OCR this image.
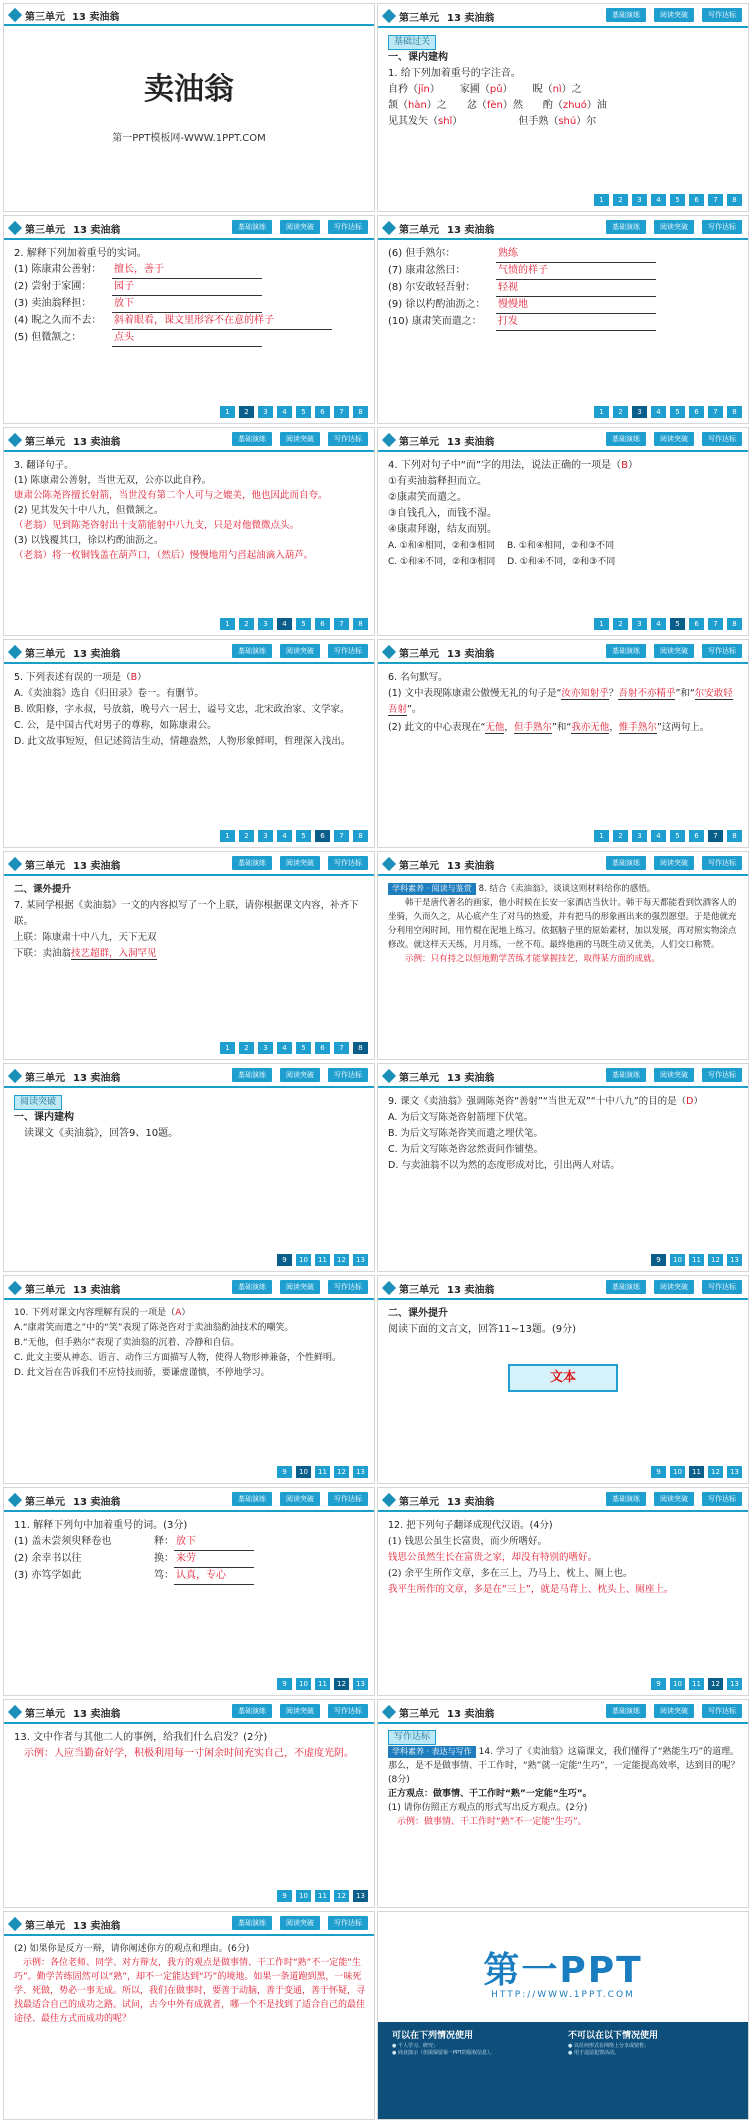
第三单元 13 卖油翁
卖油翁
第一PPT模板网-WWW.1PPT.COM
第三单元 13 卖油翁	基础演练	阅读突破	写作达标
基础过关
一、课内建构
1. 给下列加着重号的字注音。
自矜（jīn） 家圃（pǔ） 睨（nì）之
颔（hàn）之 忿（fèn）然 酌（zhuó）油
见其发矢（shǐ）	但手熟（shú）尔
1	2	3	4	5	6	7	8
第三单元 13 卖油翁	基础演练	阅读突破	写作达标
2. 解释下列加着重号的实词。
(1) 陈康肃公善射： 擅长，善于
(2) 尝射于家圃： 园子
(3) 卖油翁释担： 放下
(4) 睨之久而不去： 斜着眼看，课文里形容不在意的样子
(5) 但微颔之：	点头
1	2	3	4	5	6	7	8
第三单元 13 卖油翁	基础演练	阅读突破	写作达标
(6) 但手熟尔：	熟练
(7) 康肃忿然曰：	气愤的样子
(8) 尔安敢轻吾射： 轻视
(9) 徐以杓酌油沥之： 慢慢地
(10) 康肃笑而遣之： 打发
1	2	3	4	5	6	7	8
第三单元 13 卖油翁	基础演练	阅读突破	写作达标
3. 翻译句子。
(1) 陈康肃公善射，当世无双，公亦以此自矜。
康肃公陈尧咨擅长射箭，当世没有第二个人可与之媲美，他也因此而自夸。
(2) 见其发矢十中八九，但微颔之。
（老翁）见到陈尧咨射出十支箭能射中八九支，只是对他微微点头。
(3) 以钱覆其口，徐以杓酌油沥之。
（老翁）将一枚铜钱盖在葫芦口，（然后）慢慢地用勺舀起油滴入葫芦。
1	2	3	4	5	6	7	8
第三单元 13 卖油翁	基础演练	阅读突破	写作达标
4. 下列对句子中“而”字的用法，说法正确的一项是（B）
①有卖油翁释担而立。
②康肃笑而遣之。
③自钱孔入，而钱不湿。
④康肃拜谢，结友而别。
A. ①和④相同，②和③相同 B. ①和④相同，②和③不同
C. ①和④不同，②和③相同 D. ①和④不同，②和③不同
1	2	3	4	5	6	7	8
第三单元 13 卖油翁	基础演练	阅读突破	写作达标
5. 下列表述有误的一项是（B）
A.《卖油翁》选自《归田录》卷一。有删节。
B. 欧阳修，字永叔，号放翁，晚号六一居士，谥号文忠，北宋政治家、文学家。
C. 公，是中国古代对男子的尊称，如陈康肃公。
D. 此文故事短短，但记述简洁生动，情趣盎然，人物形象鲜明，哲理深入浅出。
1	2	3	4	5	6	7	8
第三单元 13 卖油翁	基础演练	阅读突破	写作达标
6. 名句默写。
(1) 文中表现陈康肃公傲慢无礼的句子是“汝亦知射乎？吾射不亦精乎”和“尔安敢轻吾射”。
(2) 此文的中心表现在“无他，但手熟尔”和“我亦无他，惟手熟尔”这两句上。
1	2	3	4	5	6	7	8
第三单元 13 卖油翁	基础演练	阅读突破	写作达标
二、课外提升
7. 某同学根据《卖油翁》一文的内容拟写了一个上联，请你根据课文内容，补齐下联。
上联：陈康肃十中八九，天下无双
下联：卖油翁技艺超群，入洞罕见
1	2	3	4	5	6	7	8
第三单元 13 卖油翁	基础演练	阅读突破	写作达标
学科素养 · 阅读与鉴赏 8. 结合《卖油翁》，谈谈这则材料给你的感悟。
韩干是唐代著名的画家，他小时候在长安一家酒店当伙计。韩干每天都能看到饮酒客人的坐骑，久而久之，从心底产生了对马的热爱，并有把马的形象画出来的强烈愿望。于是他就充分利用空闲时间，用竹棍在泥地上练习。依据脑子里的原始素材，加以发展，再对照实物涂点修改。就这样天天练，月月练，一丝不苟。最终他画的马既生动又优美，人们交口称赞。
示例：只有持之以恒地勤学苦练才能掌握技艺，取得某方面的成就。
第三单元 13 卖油翁	基础演练	阅读突破	写作达标
阅读突破
一、课内建构
读课文《卖油翁》，回答9、10题。
9	10	11	12	13
第三单元 13 卖油翁	基础演练	阅读突破	写作达标
9. 课文《卖油翁》强调陈尧咨“善射”“当世无双”“十中八九”的目的是（D）
A. 为后文写陈尧咨射箭埋下伏笔。
B. 为后文写陈尧咨笑而遣之埋伏笔。
C. 为后文写陈尧咨忿然责问作铺垫。
D. 与卖油翁不以为然的态度形成对比，引出两人对话。
9	10	11	12	13
第三单元 13 卖油翁	基础演练	阅读突破	写作达标
10. 下列对课文内容理解有误的一项是（A）
A.“康肃笑而遣之”中的“笑”表现了陈尧咨对于卖油翁酌油技术的嘲笑。
B.“无他，但手熟尔”表现了卖油翁的沉着、冷静和自信。
C. 此文主要从神态、语言、动作三方面描写人物，使得人物形神兼备，个性鲜明。
D. 此文旨在告诉我们不应恃技而骄，要谦虚谨慎，不停地学习。
9	10	11	12	13
第三单元 13 卖油翁	基础演练	阅读突破	写作达标
二、课外提升
阅读下面的文言文，回答11~13题。(9分)
文本
9	10	11	12	13
第三单元 13 卖油翁	基础演练	阅读突破	写作达标
11. 解释下列句中加着重号的词。(3分)
(1) 盖未尝须臾释卷也	释： 放下
(2) 余幸书以往	换： 来劳
(3) 亦笃学如此	笃： 认真，专心
9	10	11	12	13
第三单元 13 卖油翁	基础演练	阅读突破	写作达标
12. 把下列句子翻译成现代汉语。(4分)
(1) 钱思公虽生长富贵，而少所嗜好。
钱思公虽然生长在富贵之家，却没有特别的嗜好。
(2) 余平生所作文章，多在三上，乃马上、枕上、厕上也。
我平生所作的文章，多是在“三上”，就是马背上、枕头上、厕座上。
9	10	11	12	13
第三单元 13 卖油翁	基础演练	阅读突破	写作达标
13. 文中作者与其他二人的事例，给我们什么启发？(2分)
示例：人应当勤奋好学，积极利用每一寸闲余时间充实自己，不虚度光阴。
9	10	11	12	13
第三单元 13 卖油翁	基础演练	阅读突破	写作达标
写作达标
学科素养 · 表达与写作 14. 学习了《卖油翁》这篇课文，我们懂得了“熟能生巧”的道理。那么，是不是做事情、干工作时，“熟”就一定能“生巧”，一定能提高效率，达到目的呢？(8分)
正方观点：做事情、干工作时“熟”一定能“生巧”。
(1) 请你仿照正方观点的形式写出反方观点。(2分)
示例：做事情、干工作时“熟”不一定能“生巧”。
第三单元 13 卖油翁	基础演练	阅读突破	写作达标
(2) 如果你是反方一辩，请你阐述你方的观点和理由。(6分)
示例：各位老师、同学、对方辩友，我方的观点是做事情、干工作时“熟”不一定能“生巧”。勤学苦练固然可以“熟”，却不一定能达到“巧”的境地。如果一条道跑到黑，一味死学、死做，势必一事无成。所以，我们在做事时，要善于动脑，善于变通，善于怀疑，寻找最适合自己的成功之路。试问，古今中外有成就者，哪一个不是找到了适合自己的最佳途径、最佳方式而成功的呢？
第一PPT
HTTP://WWW.1PPT.COM
可以在下列情况使用
● 个人学习、研究；
● 商业演示（但需保留第一PPT的版权信息）。
不可以在以下情况使用
● 以任何形式在网络上分享或销售；
● 用于违法犯罪活动。
